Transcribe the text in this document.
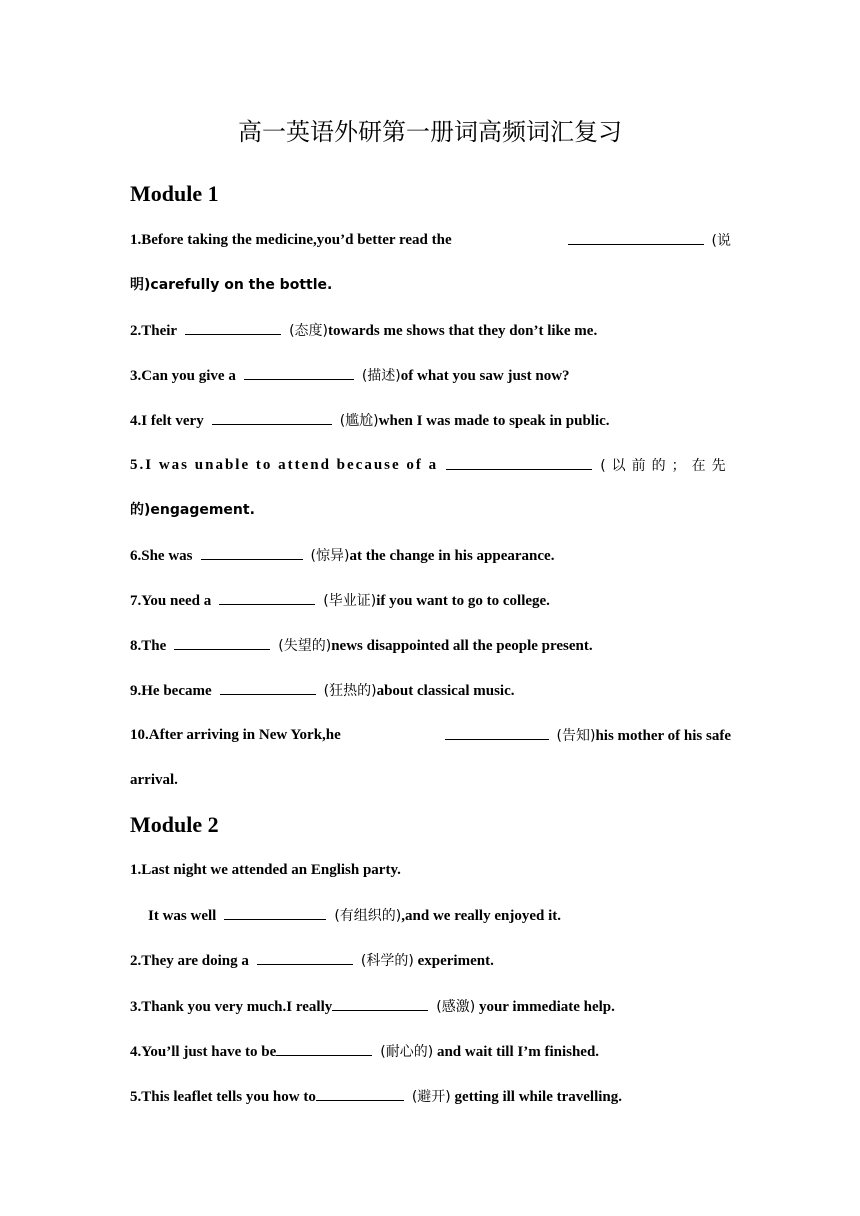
高一英语外研第一册词高频词汇复习
Module 1
1.Before taking the medicine,you’d better read the	(说
明)carefully on the bottle.
2.Their	(态度)towards me shows that they don’t like me.
3.Can you give a	(描述)of what you saw just now?
4.I felt very	(尴尬)when I was made to speak in public.
5.I was unable to attend because of a	(以前的；在先
的)engagement.
6.She was	(惊异)at the change in his appearance.
7.You need a	(毕业证)if you want to go to college.
8.The	(失望的)news disappointed all the people present.
9.He became	(狂热的)about classical music.
10.After arriving in New York,he	(告知)his mother of his safe
arrival.
Module 2
1.Last night we attended an English party.
It was well	(有组织的),and we really enjoyed it.
2.They are doing a	(科学的) experiment.
3.Thank you very much.I really	(感激) your immediate help.
4.You’ll just have to be	(耐心的) and wait till I’m finished.
5.This leaflet tells you how to	(避开) getting ill while travelling.
